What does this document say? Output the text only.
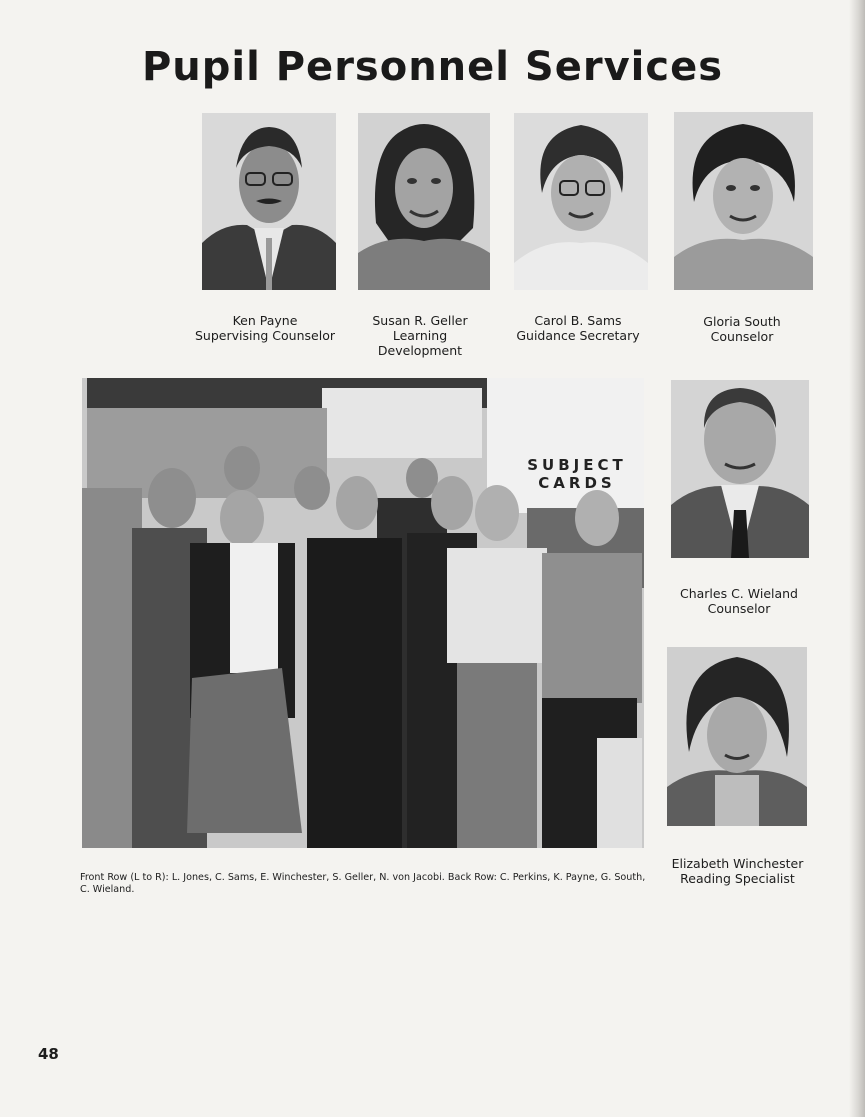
Pupil Personnel Services
Ken Payne
Supervising Counselor
Susan R. Geller
Learning
Development
Carol B. Sams
Guidance Secretary
Gloria South
Counselor
SUBJECT
CARDS
Charles C. Wieland
Counselor
Elizabeth Winchester
Reading Specialist
Front Row (L to R): L. Jones, C. Sams, E. Winchester, S. Geller, N. von Jacobi. Back Row: C. Perkins, K. Payne, G. South, C. Wieland.
48
